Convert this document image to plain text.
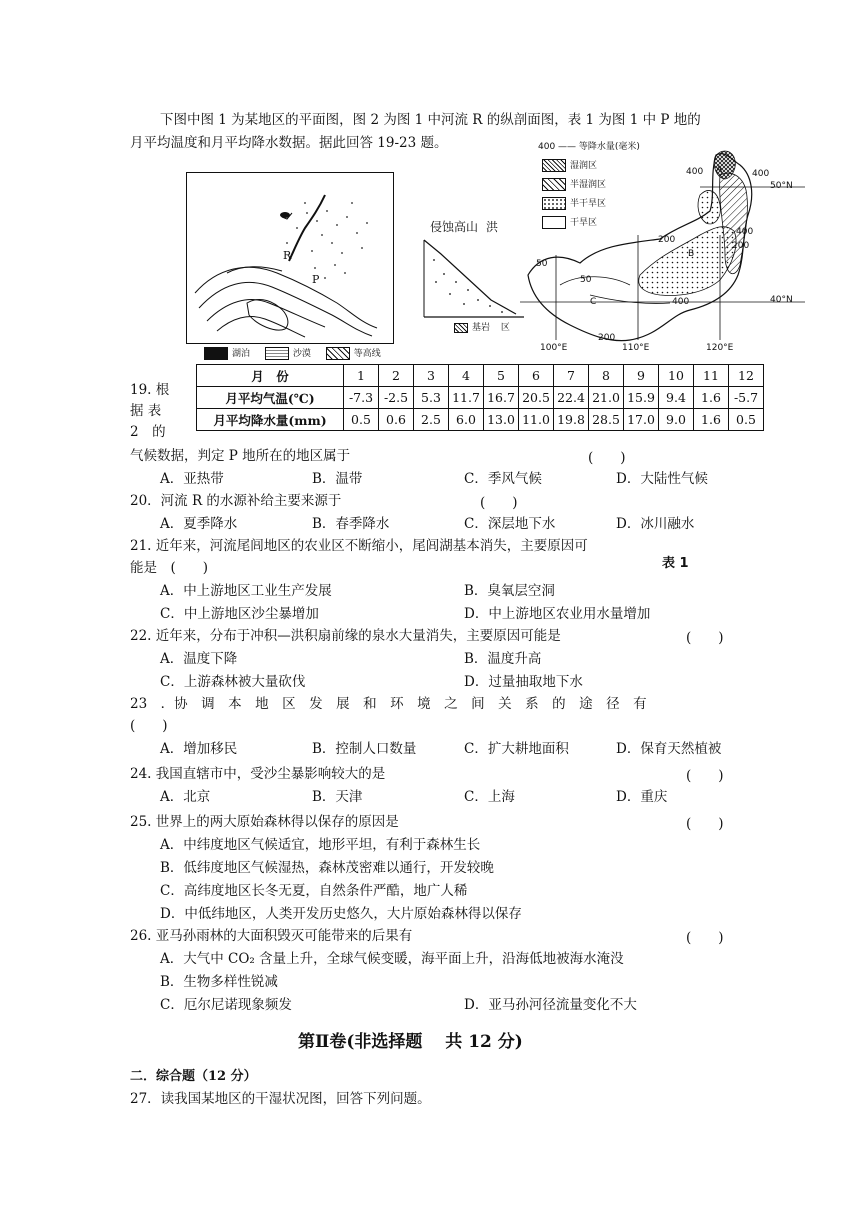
下图中图 1 为某地区的平面图，图 2 为图 1 中河流 R 的纵剖面图，表 1 为图 1 中 P 地的
月平均温度和月平均降水数据。据此回答 19-23 题。
R
P
湖泊	沙漠	等高线
侵蚀高山 洪
基岩 区
400 —— 等降水量(毫米)
湿润区
半湿润区
半干旱区
干旱区
400	400
400
200
200
400
50
50
200
A
B
C
50°N
40°N
100°E	110°E	120°E
19. 根
据 表
2　的
月　份	1	2	3	4	5	6	7	8	9	10	11	12
月平均气温(℃)	-7.3	-2.5	5.3	11.7	16.7	20.5	22.4	21.0	15.9	9.4	1.6	-5.7
月平均降水量(mm)	0.5	0.6	2.5	6.0	13.0	11.0	19.8	28.5	17.0	9.0	1.6	0.5
气候数据，判定 P 地所在的地区属于	(　　)
A．亚热带	B．温带	C．季风气候	D．大陆性气候
20．河流 R 的水源补给主要来源于	(　　)
A．夏季降水	B．春季降水	C．深层地下水	D．冰川融水
21. 近年来，河流尾闾地区的农业区不断缩小，尾闾湖基本消失，主要原因可
能是　(　　)	表 1
A．中上游地区工业生产发展	B．臭氧层空洞
C．中上游地区沙尘暴增加	D．中上游地区农业用水量增加
22. 近年来，分布于冲积—洪积扇前缘的泉水大量消失，主要原因可能是	(　　)
A．温度下降	B．温度升高
C．上游森林被大量砍伐	D．过量抽取地下水
23　．协　调　本　地　区　发　展　和　环　境　之　间　关　系　的　途　径　有
(　　)
A．增加移民	B．控制人口数量	C．扩大耕地面积	D．保育天然植被
24. 我国直辖市中，受沙尘暴影响较大的是	(　　)
A．北京	B．天津	C．上海	D．重庆
25. 世界上的两大原始森林得以保存的原因是	(　　)
A．中纬度地区气候适宜，地形平坦，有利于森林生长
B．低纬度地区气候湿热，森林茂密难以通行，开发较晚
C．高纬度地区长冬无夏，自然条件严酷，地广人稀
D．中低纬地区，人类开发历史悠久，大片原始森林得以保存
26. 亚马孙雨林的大面积毁灭可能带来的后果有	(　　)
A．大气中 CO₂ 含量上升，全球气候变暖，海平面上升，沿海低地被海水淹没
B．生物多样性锐减
C．厄尔尼诺现象频发	D．亚马孙河径流量变化不大
第Ⅱ卷(非选择题　 共 12 分)
二．综合题（12 分）
27．读我国某地区的干湿状况图，回答下列问题。
